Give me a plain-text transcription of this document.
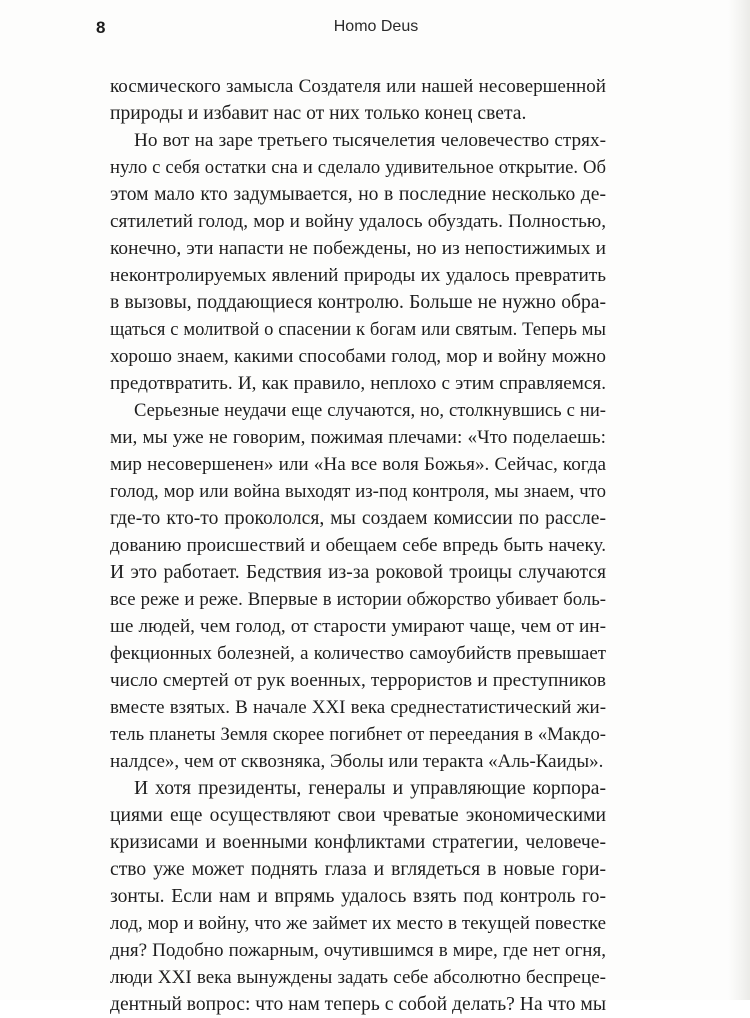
8	Homo Deus

космического замысла Создателя или нашей несовершенной

природы и избавит нас от них только конец света.

Но вот на заре третьего тысячелетия человечество стрях-

нуло с себя остатки сна и сделало удивительное открытие. Об

этом мало кто задумывается, но в последние несколько де-

сятилетий голод, мор и войну удалось обуздать. Полностью,

конечно, эти напасти не побеждены, но из непостижимых и

неконтролируемых явлений природы их удалось превратить

в вызовы, поддающиеся контролю. Больше не нужно обра-

щаться с молитвой о спасении к богам или святым. Теперь мы

хорошо знаем, какими способами голод, мор и войну можно

предотвратить. И, как правило, неплохо с этим справляемся.

Серьезные неудачи еще случаются, но, столкнувшись с ни-

ми, мы уже не говорим, пожимая плечами: «Что поделаешь:

мир несовершенен» или «На все воля Божья». Сейчас, когда

голод, мор или война выходят из-под контроля, мы знаем, что

где-то кто-то прокололся, мы создаем комиссии по рассле-

дованию происшествий и обещаем себе впредь быть начеку.

И это работает. Бедствия из-за роковой троицы случаются

все реже и реже. Впервые в истории обжорство убивает боль-

ше людей, чем голод, от старости умирают чаще, чем от ин-

фекционных болезней, а количество самоубийств превышает

число смертей от рук военных, террористов и преступников

вместе взятых. В начале XXI века среднестатистический жи-

тель планеты Земля скорее погибнет от переедания в «Макдо-

налдсе», чем от сквозняка, Эболы или теракта «Аль-Каиды».

И хотя президенты, генералы и управляющие корпора-

циями еще осуществляют свои чреватые экономическими

кризисами и военными конфликтами стратегии, человече-

ство уже может поднять глаза и вглядеться в новые гори-

зонты. Если нам и впрямь удалось взять под контроль го-

лод, мор и войну, что же займет их место в текущей повестке

дня? Подобно пожарным, очутившимся в мире, где нет огня,

люди XXI века вынуждены задать себе абсолютно беспреце-

дентный вопрос: что нам теперь с собой делать? На что мы
